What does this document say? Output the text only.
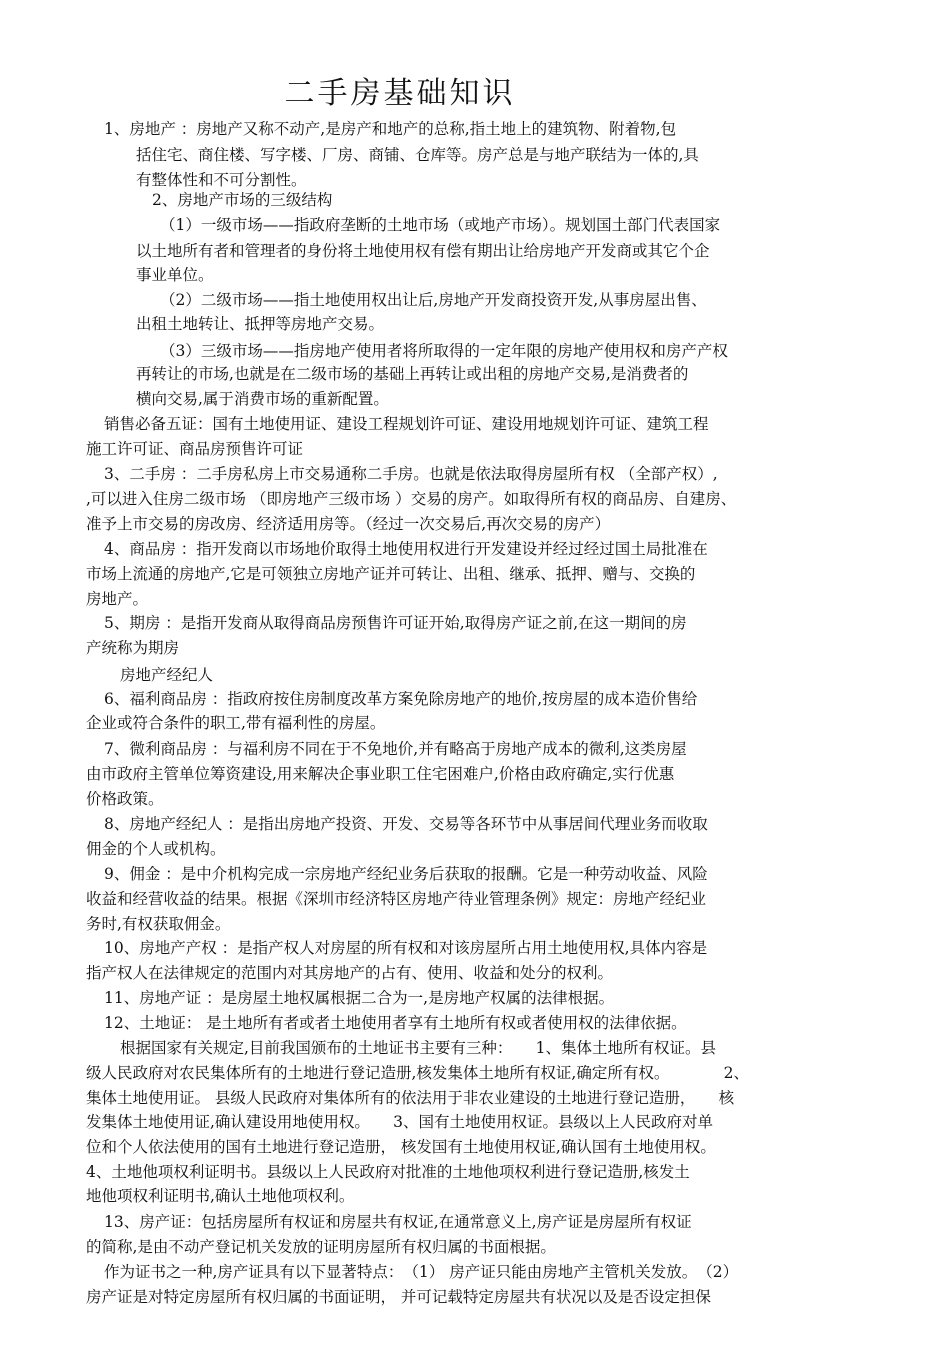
二手房基础知识
1、房地产 ：房地产又称不动产,是房产和地产的总称,指土地上的建筑物、附着物,包
括住宅、商住楼、写字楼、厂房、商铺、仓库等。房产总是与地产联结为一体的,具
有整体性和不可分割性。
2、房地产市场的三级结构
（1）一级市场——指政府垄断的土地市场（或地产市场）。规划国土部门代表国家
以土地所有者和管理者的身份将土地使用权有偿有期出让给房地产开发商或其它个企
事业单位。
（2）二级市场——指土地使用权出让后,房地产开发商投资开发,从事房屋出售、
出租土地转让、抵押等房地产交易。
（3）三级市场——指房地产使用者将所取得的一定年限的房地产使用权和房产产权
再转让的市场,也就是在二级市场的基础上再转让或出租的房地产交易,是消费者的
横向交易,属于消费市场的重新配置。
销售必备五证：国有土地使用证、建设工程规划许可证、建设用地规划许可证、建筑工程
施工许可证、商品房预售许可证
3、二手房 ：二手房私房上市交易通称二手房。也就是依法取得房屋所有权 （全部产权）,
,可以进入住房二级市场 （即房地产三级市场 ）交易的房产。如取得所有权的商品房、自建房、
准予上市交易的房改房、经济适用房等。（经过一次交易后,再次交易的房产）
4、商品房 ：指开发商以市场地价取得土地使用权进行开发建设并经过经过国土局批准在
市场上流通的房地产,它是可领独立房地产证并可转让、出租、继承、抵押、赠与、交换的
房地产。
5、期房 ：是指开发商从取得商品房预售许可证开始,取得房产证之前,在这一期间的房
产统称为期房
房地产经纪人
6、福利商品房 ：指政府按住房制度改革方案免除房地产的地价,按房屋的成本造价售给
企业或符合条件的职工,带有福利性的房屋。
7、微利商品房 ：与福利房不同在于不免地价,并有略高于房地产成本的微利,这类房屋
由市政府主管单位筹资建设,用来解决企事业职工住宅困难户,价格由政府确定,实行优惠
价格政策。
8、房地产经纪人 ：是指出房地产投资、开发、交易等各环节中从事居间代理业务而收取
佣金的个人或机构。
9、佣金 ：是中介机构完成一宗房地产经纪业务后获取的报酬。它是一种劳动收益、风险
收益和经营收益的结果。根据《深圳市经济特区房地产待业管理条例》规定：房地产经纪业
务时,有权获取佣金。
10、房地产产权 ：是指产权人对房屋的所有权和对该房屋所占用土地使用权,具体内容是
指产权人在法律规定的范围内对其房地产的占有、使用、收益和处分的权利。
11、房地产证 ：是房屋土地权属根据二合为一,是房地产权属的法律根据。
12、土地证： 是土地所有者或者土地使用者享有土地所有权或者使用权的法律依据。
根据国家有关规定,目前我国颁布的土地证书主要有三种：　　1、集体土地所有权证。县
级人民政府对农民集体所有的土地进行登记造册,核发集体土地所有权证,确定所有权。　　　　2、
集体土地使用证。 县级人民政府对集体所有的依法用于非农业建设的土地进行登记造册，　　核
发集体土地使用证,确认建设用地使用权。　　3、国有土地使用权证。县级以上人民政府对单
位和个人依法使用的国有土地进行登记造册， 核发国有土地使用权证,确认国有土地使用权。
4、土地他项权利证明书。县级以上人民政府对批准的土地他项权利进行登记造册,核发土
地他项权利证明书,确认土地他项权利。
13、房产证：包括房屋所有权证和房屋共有权证,在通常意义上,房产证是房屋所有权证
的简称,是由不动产登记机关发放的证明房屋所有权归属的书面根据。
作为证书之一种,房产证具有以下显著特点：　（1） 房产证只能由房地产主管机关发放。　（2）
房产证是对特定房屋所有权归属的书面证明， 并可记载特定房屋共有状况以及是否设定担保
